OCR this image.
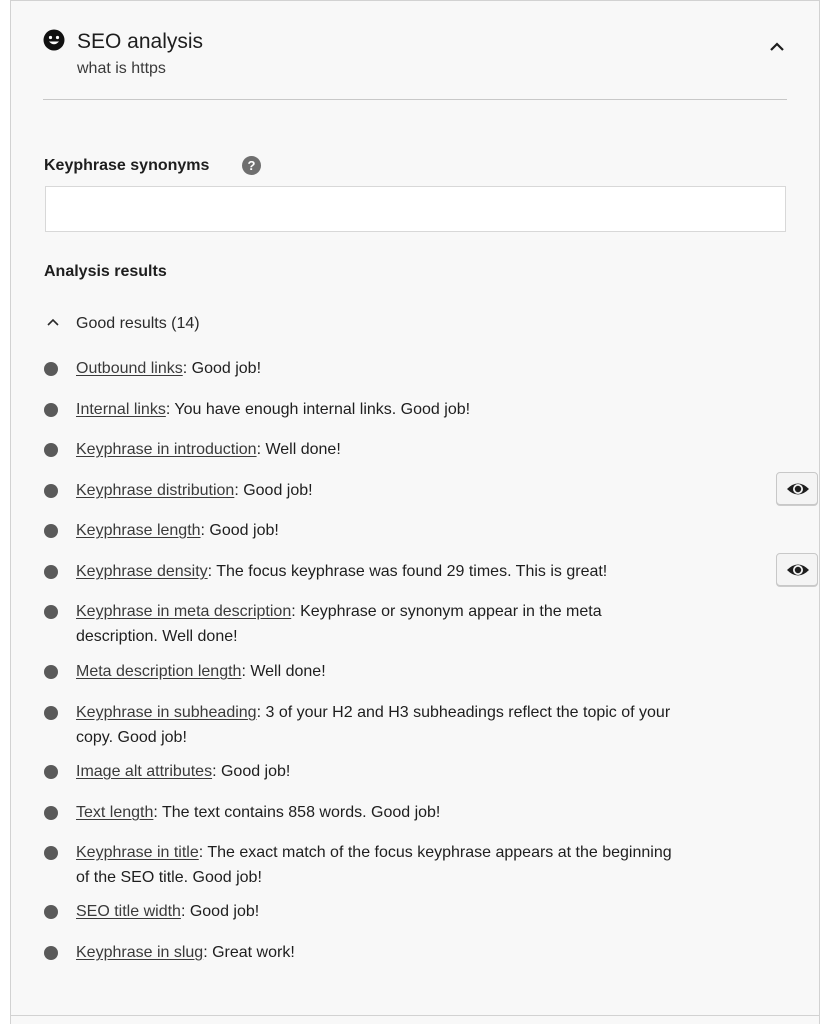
SEO analysis
what is https
Keyphrase synonyms	?
Analysis results
Good results (14)
Outbound links: Good job!
Internal links: You have enough internal links. Good job!
Keyphrase in introduction: Well done!
Keyphrase distribution: Good job!
Keyphrase length: Good job!
Keyphrase density: The focus keyphrase was found 29 times. This is great!
Keyphrase in meta description: Keyphrase or synonym appear in the meta
description. Well done!
Meta description length: Well done!
Keyphrase in subheading: 3 of your H2 and H3 subheadings reflect the topic of your
copy. Good job!
Image alt attributes: Good job!
Text length: The text contains 858 words. Good job!
Keyphrase in title: The exact match of the focus keyphrase appears at the beginning
of the SEO title. Good job!
SEO title width: Good job!
Keyphrase in slug: Great work!
